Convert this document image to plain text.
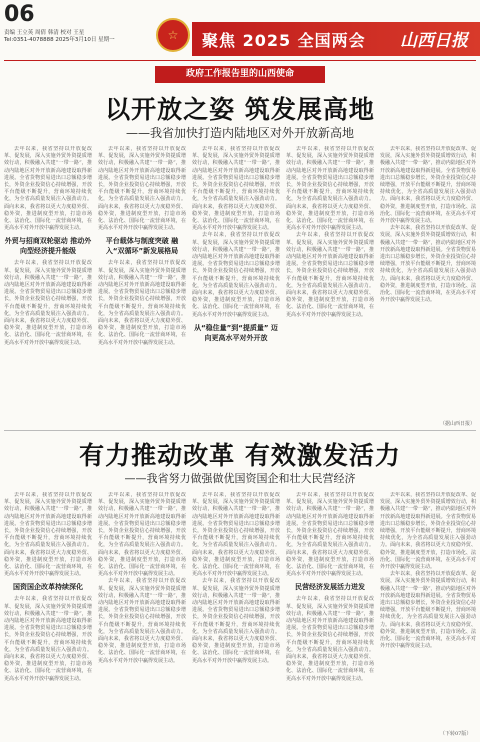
06
责编 王立英 周倩 韩清 校对 王星
Tel:0351-4078888 2025年3月10日 星期一	☆	聚焦 2025 全国两会 山西日报
政府工作报告里的山西使命
以开放之姿 筑发展高地
——我省加快打造内陆地区对外开放新高地

去年以来，我省坚持以开放促改革、促发展，深入实施外贸外资提质增效行动，积极融入共建“一带一路”，推动内陆地区对外开放新高地建设取得新进展。全省货物贸易进出口总额稳步增长，外资企业投资信心持续增强，开放平台能级不断提升，营商环境持续优化，为全省高质量发展注入强劲动力。面向未来，我省将以更大力度稳外贸、稳外资，推进制度型开放，打造市场化、法治化、国际化一流营商环境，在更高水平对外开放中赢得发展主动。

外贸与招商双轮驱动 推动外向型经济提升能级

去年以来，我省坚持以开放促改革、促发展，深入实施外贸外资提质增效行动，积极融入共建“一带一路”，推动内陆地区对外开放新高地建设取得新进展。全省货物贸易进出口总额稳步增长，外资企业投资信心持续增强，开放平台能级不断提升，营商环境持续优化，为全省高质量发展注入强劲动力。面向未来，我省将以更大力度稳外贸、稳外资，推进制度型开放，打造市场化、法治化、国际化一流营商环境，在更高水平对外开放中赢得发展主动。

去年以来，我省坚持以开放促改革、促发展，深入实施外贸外资提质增效行动，积极融入共建“一带一路”，推动内陆地区对外开放新高地建设取得新进展。全省货物贸易进出口总额稳步增长，外资企业投资信心持续增强，开放平台能级不断提升，营商环境持续优化，为全省高质量发展注入强劲动力。面向未来，我省将以更大力度稳外贸、稳外资，推进制度型开放，打造市场化、法治化、国际化一流营商环境，在更高水平对外开放中赢得发展主动。

平台载体与制度突破 融入“双循环”新发展格局

去年以来，我省坚持以开放促改革、促发展，深入实施外贸外资提质增效行动，积极融入共建“一带一路”，推动内陆地区对外开放新高地建设取得新进展。全省货物贸易进出口总额稳步增长，外资企业投资信心持续增强，开放平台能级不断提升，营商环境持续优化，为全省高质量发展注入强劲动力。面向未来，我省将以更大力度稳外贸、稳外资，推进制度型开放，打造市场化、法治化、国际化一流营商环境，在更高水平对外开放中赢得发展主动。

去年以来，我省坚持以开放促改革、促发展，深入实施外贸外资提质增效行动，积极融入共建“一带一路”，推动内陆地区对外开放新高地建设取得新进展。全省货物贸易进出口总额稳步增长，外资企业投资信心持续增强，开放平台能级不断提升，营商环境持续优化，为全省高质量发展注入强劲动力。面向未来，我省将以更大力度稳外贸、稳外资，推进制度型开放，打造市场化、法治化、国际化一流营商环境，在更高水平对外开放中赢得发展主动。

去年以来，我省坚持以开放促改革、促发展，深入实施外贸外资提质增效行动，积极融入共建“一带一路”，推动内陆地区对外开放新高地建设取得新进展。全省货物贸易进出口总额稳步增长，外资企业投资信心持续增强，开放平台能级不断提升，营商环境持续优化，为全省高质量发展注入强劲动力。面向未来，我省将以更大力度稳外贸、稳外资，推进制度型开放，打造市场化、法治化、国际化一流营商环境，在更高水平对外开放中赢得发展主动。

从“稳住量”到“提质量” 迈向更高水平对外开放

去年以来，我省坚持以开放促改革、促发展，深入实施外贸外资提质增效行动，积极融入共建“一带一路”，推动内陆地区对外开放新高地建设取得新进展。全省货物贸易进出口总额稳步增长，外资企业投资信心持续增强，开放平台能级不断提升，营商环境持续优化，为全省高质量发展注入强劲动力。面向未来，我省将以更大力度稳外贸、稳外资，推进制度型开放，打造市场化、法治化、国际化一流营商环境，在更高水平对外开放中赢得发展主动。

去年以来，我省坚持以开放促改革、促发展，深入实施外贸外资提质增效行动，积极融入共建“一带一路”，推动内陆地区对外开放新高地建设取得新进展。全省货物贸易进出口总额稳步增长，外资企业投资信心持续增强，开放平台能级不断提升，营商环境持续优化，为全省高质量发展注入强劲动力。面向未来，我省将以更大力度稳外贸、稳外资，推进制度型开放，打造市场化、法治化、国际化一流营商环境，在更高水平对外开放中赢得发展主动。

去年以来，我省坚持以开放促改革、促发展，深入实施外贸外资提质增效行动，积极融入共建“一带一路”，推动内陆地区对外开放新高地建设取得新进展。全省货物贸易进出口总额稳步增长，外资企业投资信心持续增强，开放平台能级不断提升，营商环境持续优化，为全省高质量发展注入强劲动力。面向未来，我省将以更大力度稳外贸、稳外资，推进制度型开放，打造市场化、法治化、国际化一流营商环境，在更高水平对外开放中赢得发展主动。

去年以来，我省坚持以开放促改革、促发展，深入实施外贸外资提质增效行动，积极融入共建“一带一路”，推动内陆地区对外开放新高地建设取得新进展。全省货物贸易进出口总额稳步增长，外资企业投资信心持续增强，开放平台能级不断提升，营商环境持续优化，为全省高质量发展注入强劲动力。面向未来，我省将以更大力度稳外贸、稳外资，推进制度型开放，打造市场化、法治化、国际化一流营商环境，在更高水平对外开放中赢得发展主动。

（据山西日报）
有力推动改革 有效激发活力
——我省努力做强做优国资国企和壮大民营经济

去年以来，我省坚持以开放促改革、促发展，深入实施外贸外资提质增效行动，积极融入共建“一带一路”，推动内陆地区对外开放新高地建设取得新进展。全省货物贸易进出口总额稳步增长，外资企业投资信心持续增强，开放平台能级不断提升，营商环境持续优化，为全省高质量发展注入强劲动力。面向未来，我省将以更大力度稳外贸、稳外资，推进制度型开放，打造市场化、法治化、国际化一流营商环境，在更高水平对外开放中赢得发展主动。

国资国企改革持续深化

去年以来，我省坚持以开放促改革、促发展，深入实施外贸外资提质增效行动，积极融入共建“一带一路”，推动内陆地区对外开放新高地建设取得新进展。全省货物贸易进出口总额稳步增长，外资企业投资信心持续增强，开放平台能级不断提升，营商环境持续优化，为全省高质量发展注入强劲动力。面向未来，我省将以更大力度稳外贸、稳外资，推进制度型开放，打造市场化、法治化、国际化一流营商环境，在更高水平对外开放中赢得发展主动。

去年以来，我省坚持以开放促改革、促发展，深入实施外贸外资提质增效行动，积极融入共建“一带一路”，推动内陆地区对外开放新高地建设取得新进展。全省货物贸易进出口总额稳步增长，外资企业投资信心持续增强，开放平台能级不断提升，营商环境持续优化，为全省高质量发展注入强劲动力。面向未来，我省将以更大力度稳外贸、稳外资，推进制度型开放，打造市场化、法治化、国际化一流营商环境，在更高水平对外开放中赢得发展主动。

去年以来，我省坚持以开放促改革、促发展，深入实施外贸外资提质增效行动，积极融入共建“一带一路”，推动内陆地区对外开放新高地建设取得新进展。全省货物贸易进出口总额稳步增长，外资企业投资信心持续增强，开放平台能级不断提升，营商环境持续优化，为全省高质量发展注入强劲动力。面向未来，我省将以更大力度稳外贸、稳外资，推进制度型开放，打造市场化、法治化、国际化一流营商环境，在更高水平对外开放中赢得发展主动。

去年以来，我省坚持以开放促改革、促发展，深入实施外贸外资提质增效行动，积极融入共建“一带一路”，推动内陆地区对外开放新高地建设取得新进展。全省货物贸易进出口总额稳步增长，外资企业投资信心持续增强，开放平台能级不断提升，营商环境持续优化，为全省高质量发展注入强劲动力。面向未来，我省将以更大力度稳外贸、稳外资，推进制度型开放，打造市场化、法治化、国际化一流营商环境，在更高水平对外开放中赢得发展主动。

去年以来，我省坚持以开放促改革、促发展，深入实施外贸外资提质增效行动，积极融入共建“一带一路”，推动内陆地区对外开放新高地建设取得新进展。全省货物贸易进出口总额稳步增长，外资企业投资信心持续增强，开放平台能级不断提升，营商环境持续优化，为全省高质量发展注入强劲动力。面向未来，我省将以更大力度稳外贸、稳外资，推进制度型开放，打造市场化、法治化、国际化一流营商环境，在更高水平对外开放中赢得发展主动。

去年以来，我省坚持以开放促改革、促发展，深入实施外贸外资提质增效行动，积极融入共建“一带一路”，推动内陆地区对外开放新高地建设取得新进展。全省货物贸易进出口总额稳步增长，外资企业投资信心持续增强，开放平台能级不断提升，营商环境持续优化，为全省高质量发展注入强劲动力。面向未来，我省将以更大力度稳外贸、稳外资，推进制度型开放，打造市场化、法治化、国际化一流营商环境，在更高水平对外开放中赢得发展主动。

民营经济发展活力迸发

去年以来，我省坚持以开放促改革、促发展，深入实施外贸外资提质增效行动，积极融入共建“一带一路”，推动内陆地区对外开放新高地建设取得新进展。全省货物贸易进出口总额稳步增长，外资企业投资信心持续增强，开放平台能级不断提升，营商环境持续优化，为全省高质量发展注入强劲动力。面向未来，我省将以更大力度稳外贸、稳外资，推进制度型开放，打造市场化、法治化、国际化一流营商环境，在更高水平对外开放中赢得发展主动。

去年以来，我省坚持以开放促改革、促发展，深入实施外贸外资提质增效行动，积极融入共建“一带一路”，推动内陆地区对外开放新高地建设取得新进展。全省货物贸易进出口总额稳步增长，外资企业投资信心持续增强，开放平台能级不断提升，营商环境持续优化，为全省高质量发展注入强劲动力。面向未来，我省将以更大力度稳外贸、稳外资，推进制度型开放，打造市场化、法治化、国际化一流营商环境，在更高水平对外开放中赢得发展主动。

去年以来，我省坚持以开放促改革、促发展，深入实施外贸外资提质增效行动，积极融入共建“一带一路”，推动内陆地区对外开放新高地建设取得新进展。全省货物贸易进出口总额稳步增长，外资企业投资信心持续增强，开放平台能级不断提升，营商环境持续优化，为全省高质量发展注入强劲动力。面向未来，我省将以更大力度稳外贸、稳外资，推进制度型开放，打造市场化、法治化、国际化一流营商环境，在更高水平对外开放中赢得发展主动。

（下转07版）
